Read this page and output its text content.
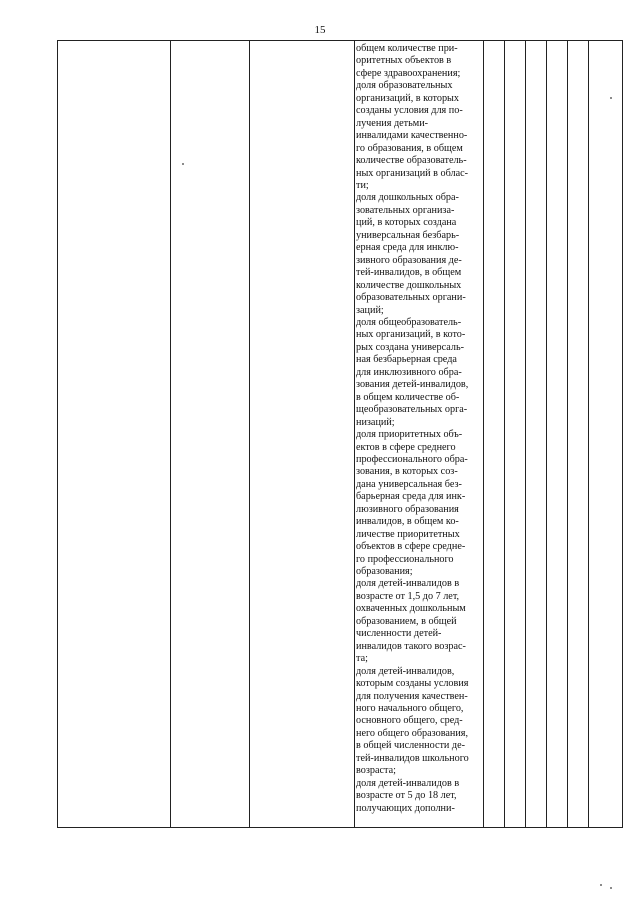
15
общем количестве при-
оритетных объектов в
сфере здравоохранения;
доля образовательных
организаций, в которых
созданы условия для по-
лучения детьми-
инвалидами качественно-
го образования, в общем
количестве образователь-
ных организаций в облас-
ти;
доля дошкольных обра-
зовательных организа-
ций, в которых создана
универсальная безбарь-
ерная среда для инклю-
зивного образования де-
тей-инвалидов, в общем
количестве дошкольных
образовательных органи-
заций;
доля общеобразователь-
ных организаций, в кото-
рых создана универсаль-
ная безбарьерная среда
для инклюзивного обра-
зования детей-инвалидов,
в общем количестве об-
щеобразовательных орга-
низаций;
доля приоритетных объ-
ектов в сфере среднего
профессионального обра-
зования, в которых соз-
дана универсальная без-
барьерная среда для инк-
люзивного образования
инвалидов, в общем ко-
личестве приоритетных
объектов в сфере средне-
го профессионального
образования;
доля детей-инвалидов в
возрасте от 1,5 до 7 лет,
охваченных дошкольным
образованием, в общей
численности детей-
инвалидов такого возрас-
та;
доля детей-инвалидов,
которым созданы условия
для получения качествен-
ного начального общего,
основного общего, сред-
него общего образования,
в общей численности де-
тей-инвалидов школьного
возраста;
доля детей-инвалидов в
возрасте от 5 до 18 лет,
получающих дополни-
